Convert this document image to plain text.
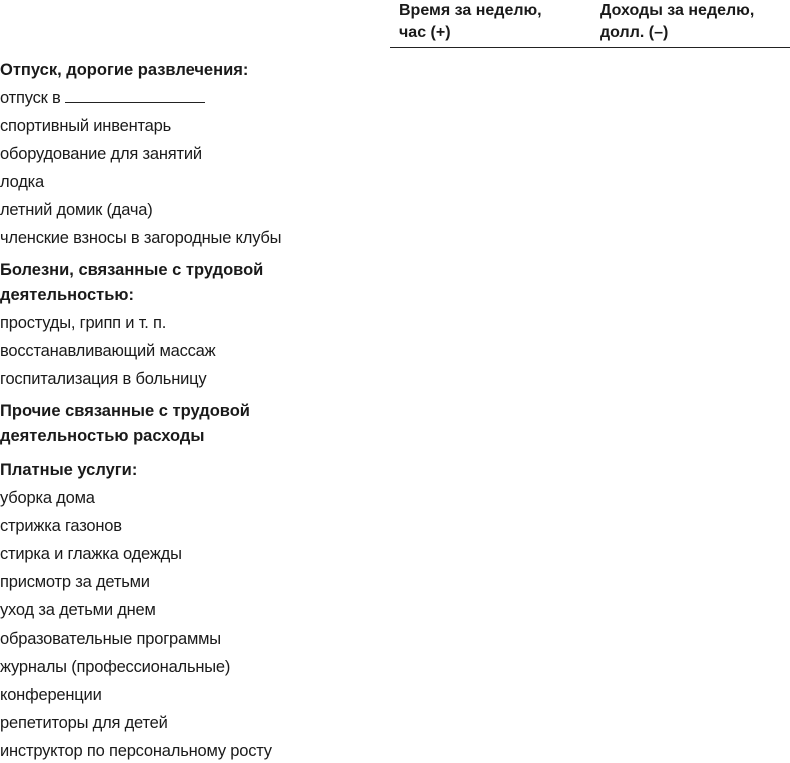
Время за неделю,
час (+)
Доходы за неделю,
долл. (–)
Отпуск, дорогие развлечения:
отпуск в
спортивный инвентарь
оборудование для занятий
лодка
летний домик (дача)
членские взносы в загородные клубы
Болезни, связанные с трудовой
деятельностью:
простуды, грипп и т. п.
восстанавливающий массаж
госпитализация в больницу
Прочие связанные с трудовой
деятельностью расходы
Платные услуги:
уборка дома
стрижка газонов
стирка и глажка одежды
присмотр за детьми
уход за детьми днем
образовательные программы
журналы (профессиональные)
конференции
репетиторы для детей
инструктор по персональному росту
